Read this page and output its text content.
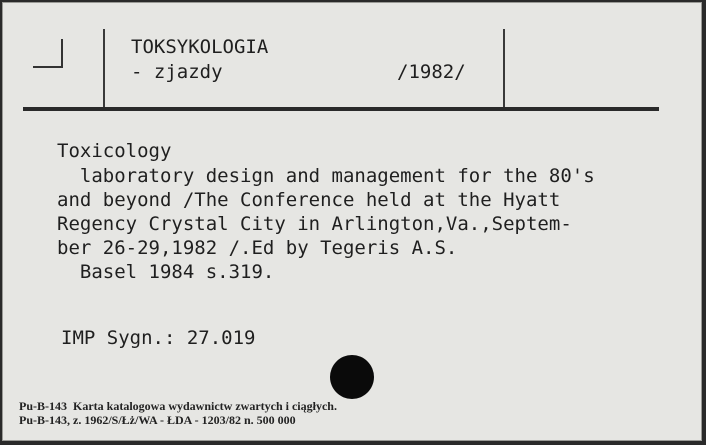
TOKSYKOLOGIA
- zjazdy	/1982/
Toxicology
laboratory design and management for the 80's
and beyond /The Conference held at the Hyatt
Regency Crystal City in Arlington,Va.,Septem-
ber 26-29,1982 /.Ed by Tegeris A.S.
Basel 1984 s.319.
IMP Sygn.: 27.019
Pu-B-143  Karta katalogowa wydawnictw zwartych i ciągłych.
Pu-B-143, z. 1962/S/Łż/WA - ŁDA - 1203/82 n. 500 000
